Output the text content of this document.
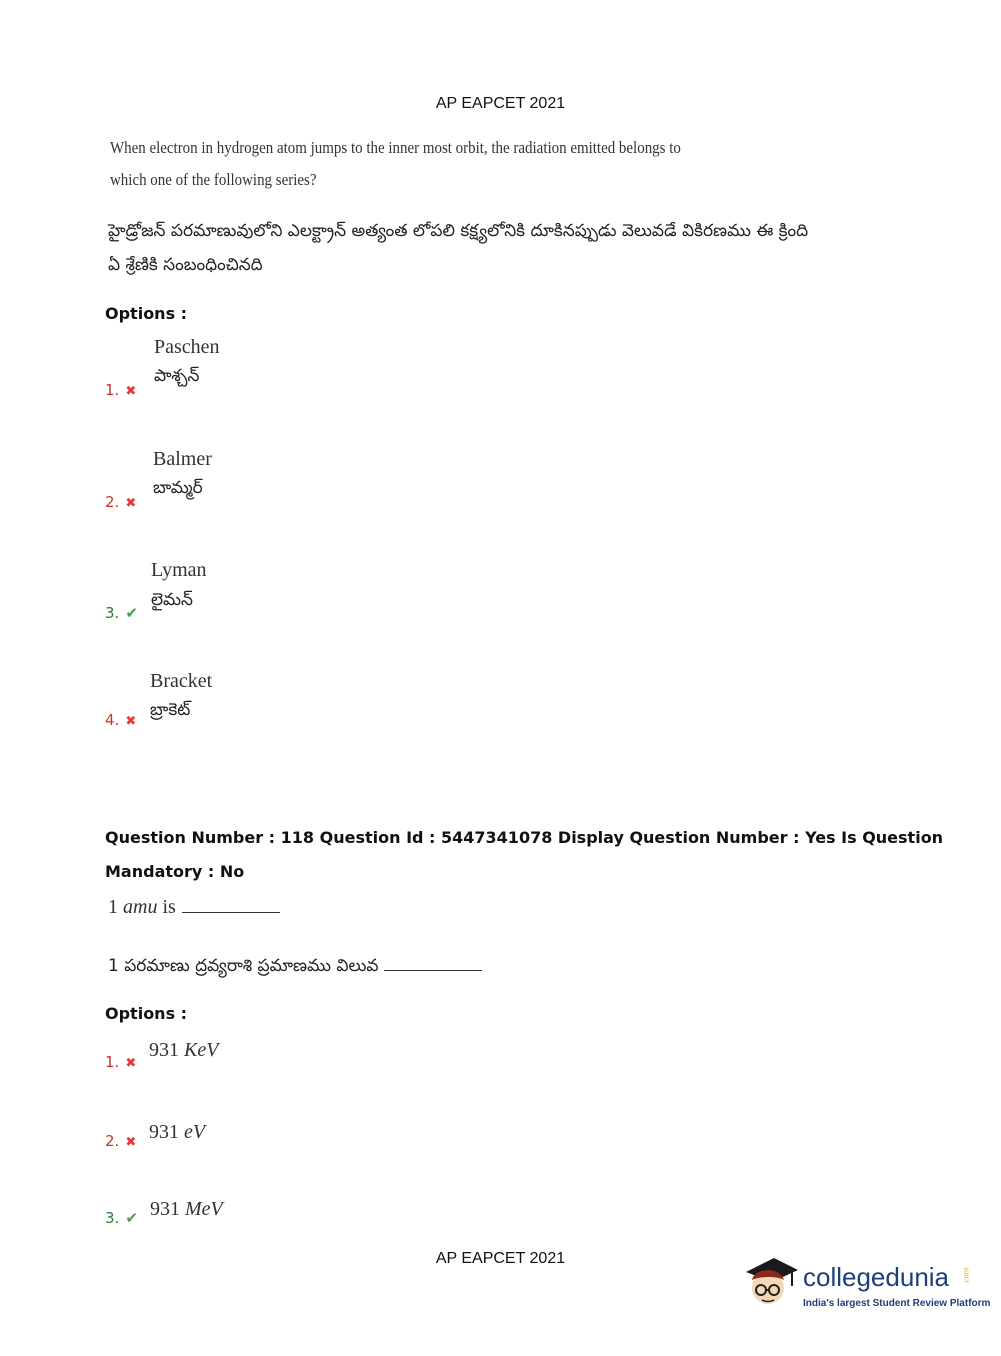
AP EAPCET 2021
When electron in hydrogen atom jumps to the inner most orbit, the radiation emitted belongs to
which one of the following series?
హైడ్రోజన్ పరమాణువులోని ఎలక్ట్రాన్ అత్యంత లోపలి కక్ష్యలోనికి దూకినప్పుడు వెలువడే వికిరణము ఈ క్రింది
ఏ శ్రేణికి సంబంధించినది
Options :
Paschen
పాశ్చన్
1. ✖
Balmer
బామ్మర్
2. ✖
Lyman
లైమన్
3. ✔
Bracket
బ్రాకెట్
4. ✖
Question Number : 118 Question Id : 5447341078 Display Question Number : Yes Is Question
Mandatory : No
1 amu is
1 పరమాణు ద్రవ్యరాశి ప్రమాణము విలువ
Options :
931 KeV
1. ✖
931 eV
2. ✖
931 MeV
3. ✔
AP EAPCET 2021
collegedunia .com
India's largest Student Review Platform
